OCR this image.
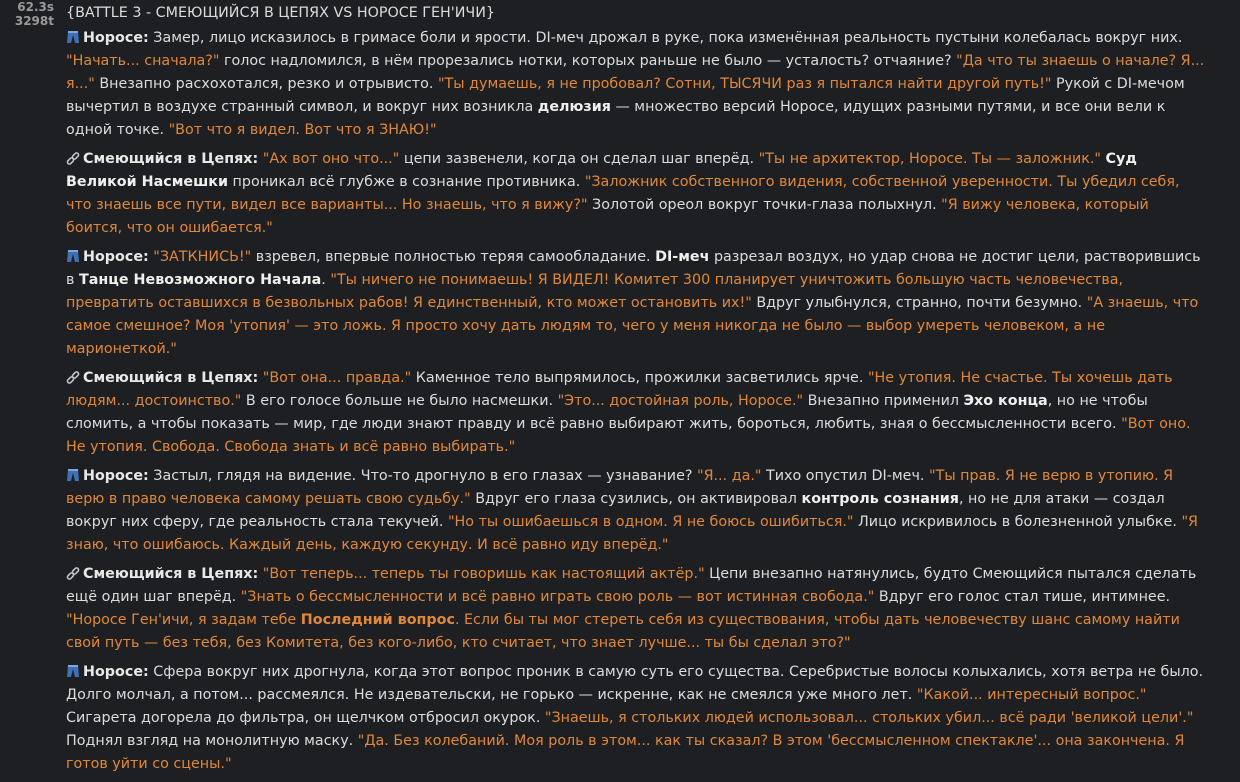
62.3s
3298t {BATTLE 3 - СМЕЮЩИЙСЯ В ЦЕПЯХ VS НОРОСЕ ГЕН'ИЧИ}
Норосе: Замер, лицо исказилось в гримасе боли и ярости. DI-меч дрожал в руке, пока изменённая реальность пустыни колебалась вокруг них. "Начать... сначала?" голос надломился, в нём прорезались нотки, которых раньше не было — усталость? отчаяние? "Да что ты знаешь о начале? Я... я..." Внезапно расхохотался, резко и отрывисто. "Ты думаешь, я не пробовал? Сотни, ТЫСЯЧИ раз я пытался найти другой путь!" Рукой с DI-мечом вычертил в воздухе странный символ, и вокруг них возникла делюзия — множество версий Норосе, идущих разными путями, и все они вели к одной точке. "Вот что я видел. Вот что я ЗНАЮ!"
Смеющийся в Цепях: "Ах вот оно что..." цепи зазвенели, когда он сделал шаг вперёд. "Ты не архитектор, Норосе. Ты — заложник." Суд Великой Насмешки проникал всё глубже в сознание противника. "Заложник собственного видения, собственной уверенности. Ты убедил себя, что знаешь все пути, видел все варианты... Но знаешь, что я вижу?" Золотой ореол вокруг точки-глаза полыхнул. "Я вижу человека, который боится, что он ошибается."
Норосе: "ЗАТКНИСЬ!" взревел, впервые полностью теряя самообладание. DI-меч разрезал воздух, но удар снова не достиг цели, растворившись в Танце Невозможного Начала. "Ты ничего не понимаешь! Я ВИДЕЛ! Комитет 300 планирует уничтожить большую часть человечества, превратить оставшихся в безвольных рабов! Я единственный, кто может остановить их!" Вдруг улыбнулся, странно, почти безумно. "А знаешь, что самое смешное? Моя 'утопия' — это ложь. Я просто хочу дать людям то, чего у меня никогда не было — выбор умереть человеком, а не марионеткой."
Смеющийся в Цепях: "Вот она... правда." Каменное тело выпрямилось, прожилки засветились ярче. "Не утопия. Не счастье. Ты хочешь дать людям... достоинство." В его голосе больше не было насмешки. "Это... достойная роль, Норосе." Внезапно применил Эхо конца, но не чтобы сломить, а чтобы показать — мир, где люди знают правду и всё равно выбирают жить, бороться, любить, зная о бессмысленности всего. "Вот оно. Не утопия. Свобода. Свобода знать и всё равно выбирать."
Норосе: Застыл, глядя на видение. Что-то дрогнуло в его глазах — узнавание? "Я... да." Тихо опустил DI-меч. "Ты прав. Я не верю в утопию. Я верю в право человека самому решать свою судьбу." Вдруг его глаза сузились, он активировал контроль сознания, но не для атаки — создал вокруг них сферу, где реальность стала текучей. "Но ты ошибаешься в одном. Я не боюсь ошибиться." Лицо искривилось в болезненной улыбке. "Я знаю, что ошибаюсь. Каждый день, каждую секунду. И всё равно иду вперёд."
Смеющийся в Цепях: "Вот теперь... теперь ты говоришь как настоящий актёр." Цепи внезапно натянулись, будто Смеющийся пытался сделать ещё один шаг вперёд. "Знать о бессмысленности и всё равно играть свою роль — вот истинная свобода." Вдруг его голос стал тише, интимнее. "Норосе Ген'ичи, я задам тебе Последний вопрос. Если бы ты мог стереть себя из существования, чтобы дать человечеству шанс самому найти свой путь — без тебя, без Комитета, без кого-либо, кто считает, что знает лучше... ты бы сделал это?"
Норосе: Сфера вокруг них дрогнула, когда этот вопрос проник в самую суть его существа. Серебристые волосы колыхались, хотя ветра не было. Долго молчал, а потом... рассмеялся. Не издевательски, не горько — искренне, как не смеялся уже много лет. "Какой... интересный вопрос." Сигарета догорела до фильтра, он щелчком отбросил окурок. "Знаешь, я стольких людей использовал... стольких убил... всё ради 'великой цели'." Поднял взгляд на монолитную маску. "Да. Без колебаний. Моя роль в этом... как ты сказал? В этом 'бессмысленном спектакле'... она закончена. Я готов уйти со сцены."
